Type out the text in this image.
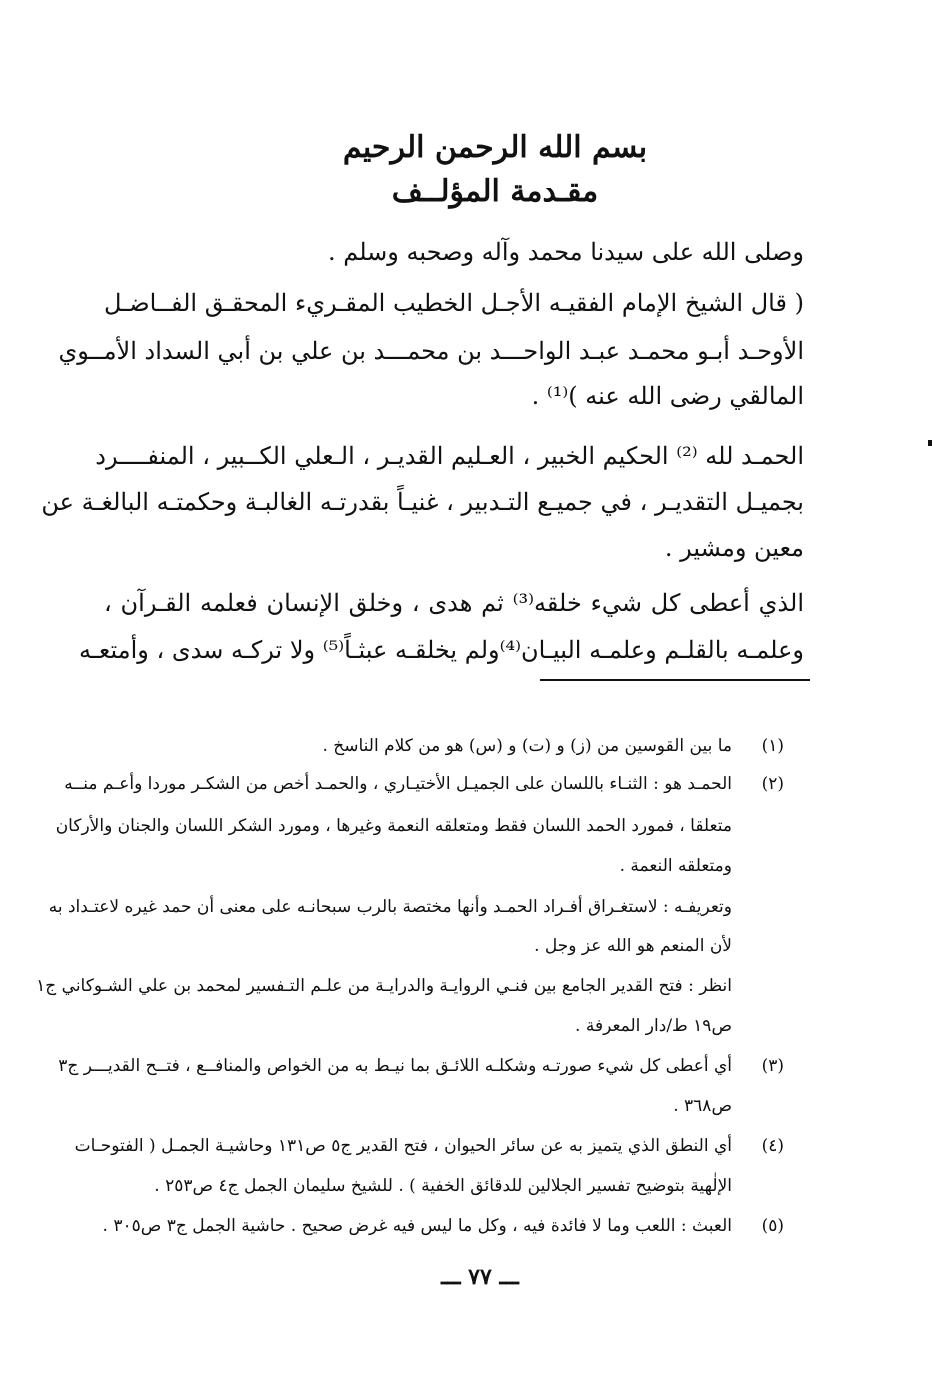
بسم الله الرحمن الرحيم
مقـدمة المؤلــف
وصلى الله على سيدنا محمد وآله وصحبه وسلم .
( قال الشيخ الإمام الفقيـه الأجـل الخطيب المقـريء المحقـق الفــاضـل
الأوحـد أبـو محمـد عبـد الواحـــد بن محمـــد بن علي بن أبي السداد الأمــوي
المالقي رضى الله عنه )⁽¹⁾ .
الحمـد لله ⁽²⁾ الحكيم الخبير ، العـليم القديـر ، الـعلي الكــبير ، المنفــــرد
بجميـل التقديـر ، في جميـع التـدبير ، غنيـاً بقدرتـه الغالبـة وحكمتـه البالغـة عن
معين ومشير .
الذي أعطى كل شيء خلقه⁽³⁾ ثم هدى ، وخلق الإنسان فعلمه القـرآن ،
وعلمـه بالقلـم وعلمـه البيـان⁽⁴⁾ولم يخلقـه عبثـاً⁽⁵⁾ ولا تركـه سدى ، وأمتعـه
(١)
ما بين القوسين من (ز) و (ت) و (س) هو من كلام الناسخ .
(٢)
الحمـد هو : الثنـاء باللسان على الجميـل الأختيـاري ، والحمـد أخص من الشكـر موردا وأعـم منــه
متعلقا ، فمورد الحمد اللسان فقط ومتعلقه النعمة وغيرها ، ومورد الشكر اللسان والجنان والأركان
ومتعلقه النعمة .
وتعريفـه : لاستغـراق أفـراد الحمـد وأنها مختصة بالرب سبحانـه على معنى أن حمد غيره لاعتـداد به
لأن المنعم هو الله عز وجل .
انظر : فتح القدير الجامع بين فنـي الروايـة والدرايـة من علـم التـفسير لمحمد بن علي الشـوكاني ج١
ص١٩ ط/دار المعرفة .
(٣)
أي أعطى كل شيء صورتـه وشكلـه اللائـق بما نيـط به من الخواص والمنافــع ، فتــح القديـــر ج٣
ص٣٦٨ .
(٤)
أي النطق الذي يتميز به عن سائر الحيوان ، فتح القدير ج٥ ص١٣١ وحاشيـة الجمـل ( الفتوحـات
الإلٰهية بتوضيح تفسير الجلالين للدقائق الخفية ) . للشيخ سليمان الجمل ج٤ ص٢٥٣ .
(٥)
العبث : اللعب وما لا فائدة فيه ، وكل ما ليس فيه غرض صحيح . حاشية الجمل ج٣ ص٣٠٥ .
ـــ ٧٧ ـــ
